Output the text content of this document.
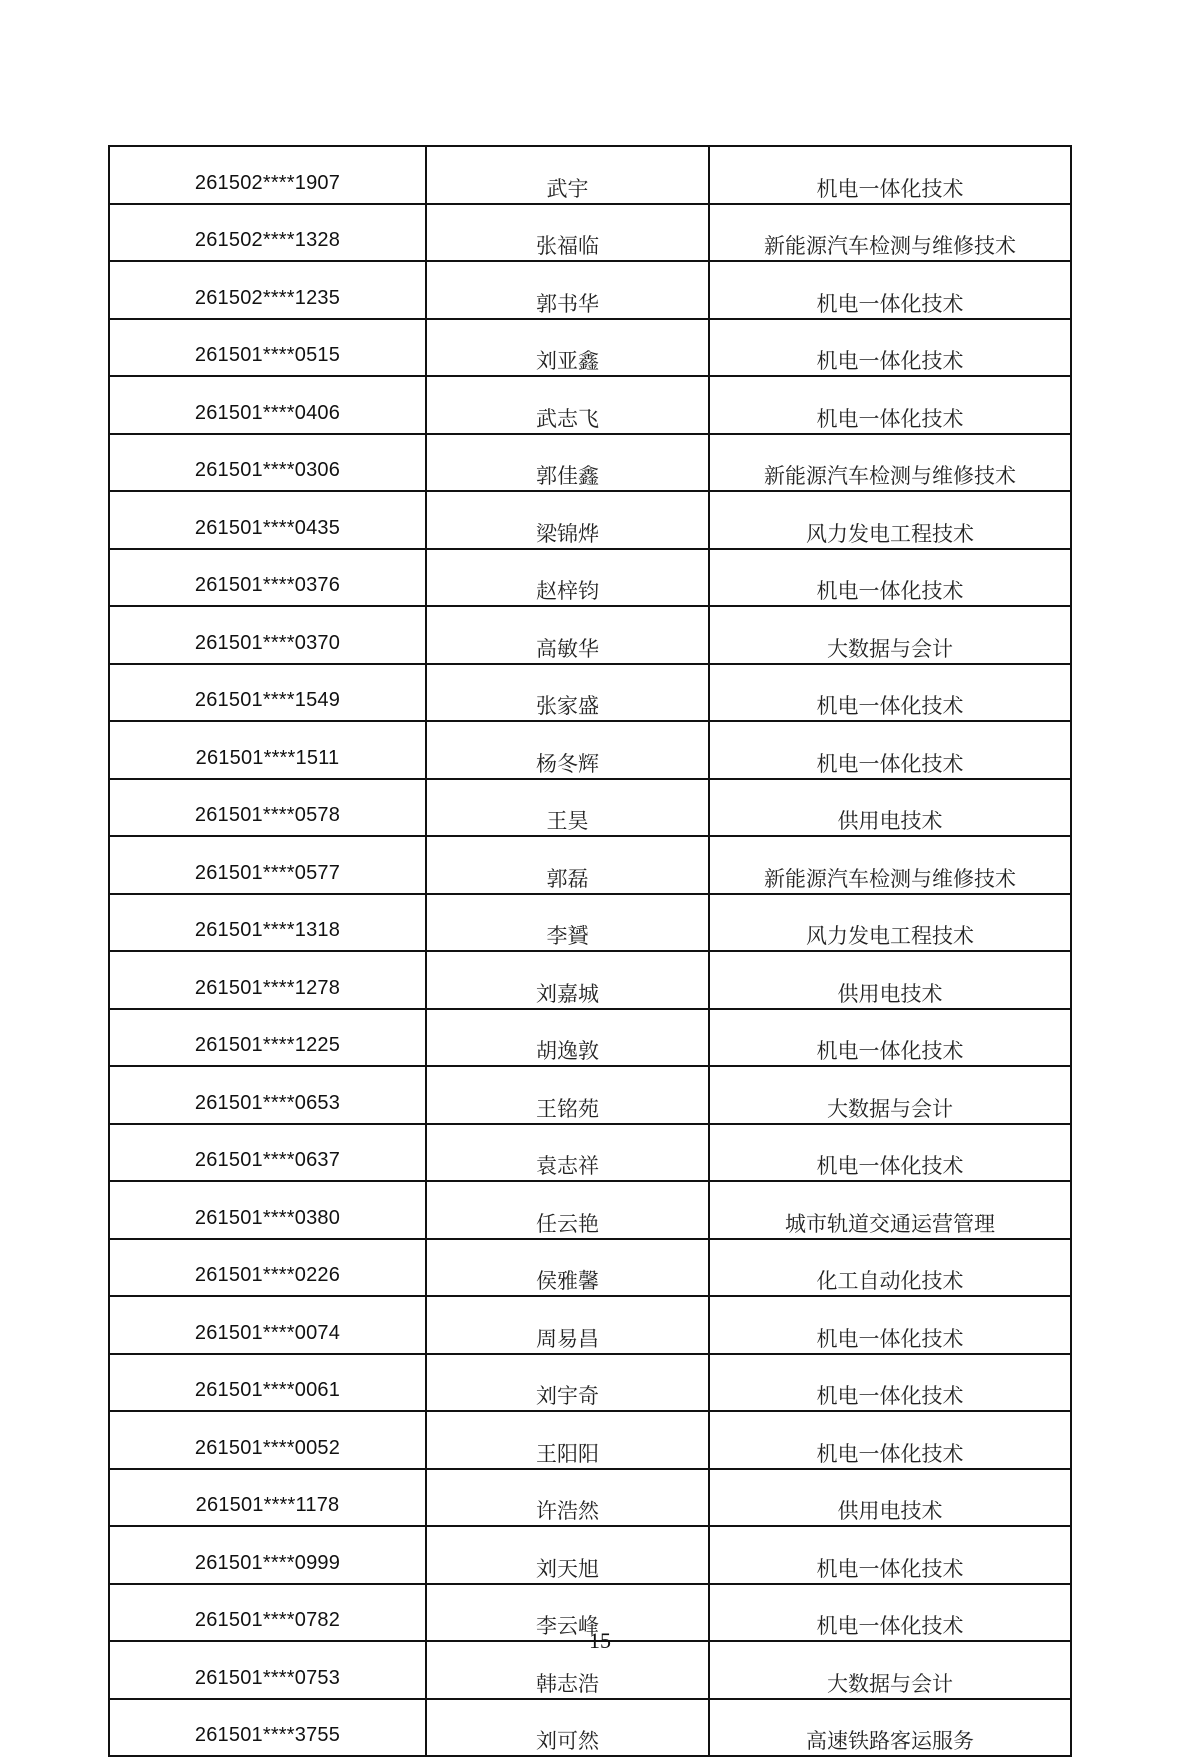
261502****1907	武宇	机电一体化技术
261502****1328	张福临	新能源汽车检测与维修技术
261502****1235	郭书华	机电一体化技术
261501****0515	刘亚鑫	机电一体化技术
261501****0406	武志飞	机电一体化技术
261501****0306	郭佳鑫	新能源汽车检测与维修技术
261501****0435	梁锦烨	风力发电工程技术
261501****0376	赵梓钧	机电一体化技术
261501****0370	高敏华	大数据与会计
261501****1549	张家盛	机电一体化技术
261501****1511	杨冬辉	机电一体化技术
261501****0578	王昊	供用电技术
261501****0577	郭磊	新能源汽车检测与维修技术
261501****1318	李贇	风力发电工程技术
261501****1278	刘嘉城	供用电技术
261501****1225	胡逸敦	机电一体化技术
261501****0653	王铭苑	大数据与会计
261501****0637	袁志祥	机电一体化技术
261501****0380	任云艳	城市轨道交通运营管理
261501****0226	侯雅馨	化工自动化技术
261501****0074	周易昌	机电一体化技术
261501****0061	刘宇奇	机电一体化技术
261501****0052	王阳阳	机电一体化技术
261501****1178	许浩然	供用电技术
261501****0999	刘天旭	机电一体化技术
261501****0782	李云峰	机电一体化技术
261501****0753	韩志浩	大数据与会计
261501****3755	刘可然	高速铁路客运服务
15
